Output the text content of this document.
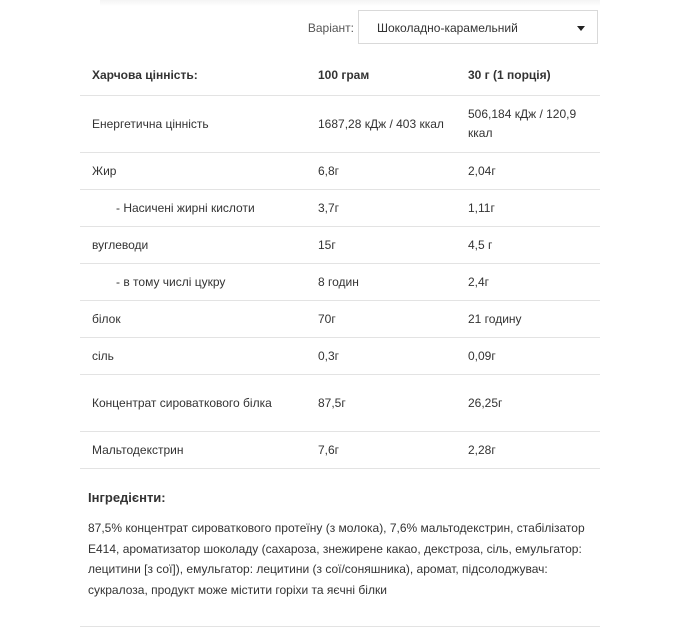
Варіант: Шоколадно-карамельний
Харчова цінність:	100 грам	30 г (1 порція)
Енергетична цінність	1687,28 кДж / 403 ккал	506,184 кДж / 120,9 ккал
Жир	6,8г	2,04г
- Насичені жирні кислоти	3,7г	1,11г
вуглеводи	15г	4,5 г
- в тому числі цукру	8 годин	2,4г
білок	70г	21 годину
сіль	0,3г	0,09г
Концентрат сироваткового білка	87,5г	26,25г
Мальтодекстрин	7,6г	2,28г
Інгредієнти:
87,5% концентрат сироваткового протеїну (з молока), 7,6% мальтодекстрин, стабілізатор Е414, ароматизатор шоколаду (сахароза, знежирене какао, декстроза, сіль, емульгатор: лецитини [з сої]), емульгатор: лецитини (з сої/соняшника), аромат, підсолоджувач: сукралоза, продукт може містити горіхи та яєчні білки
